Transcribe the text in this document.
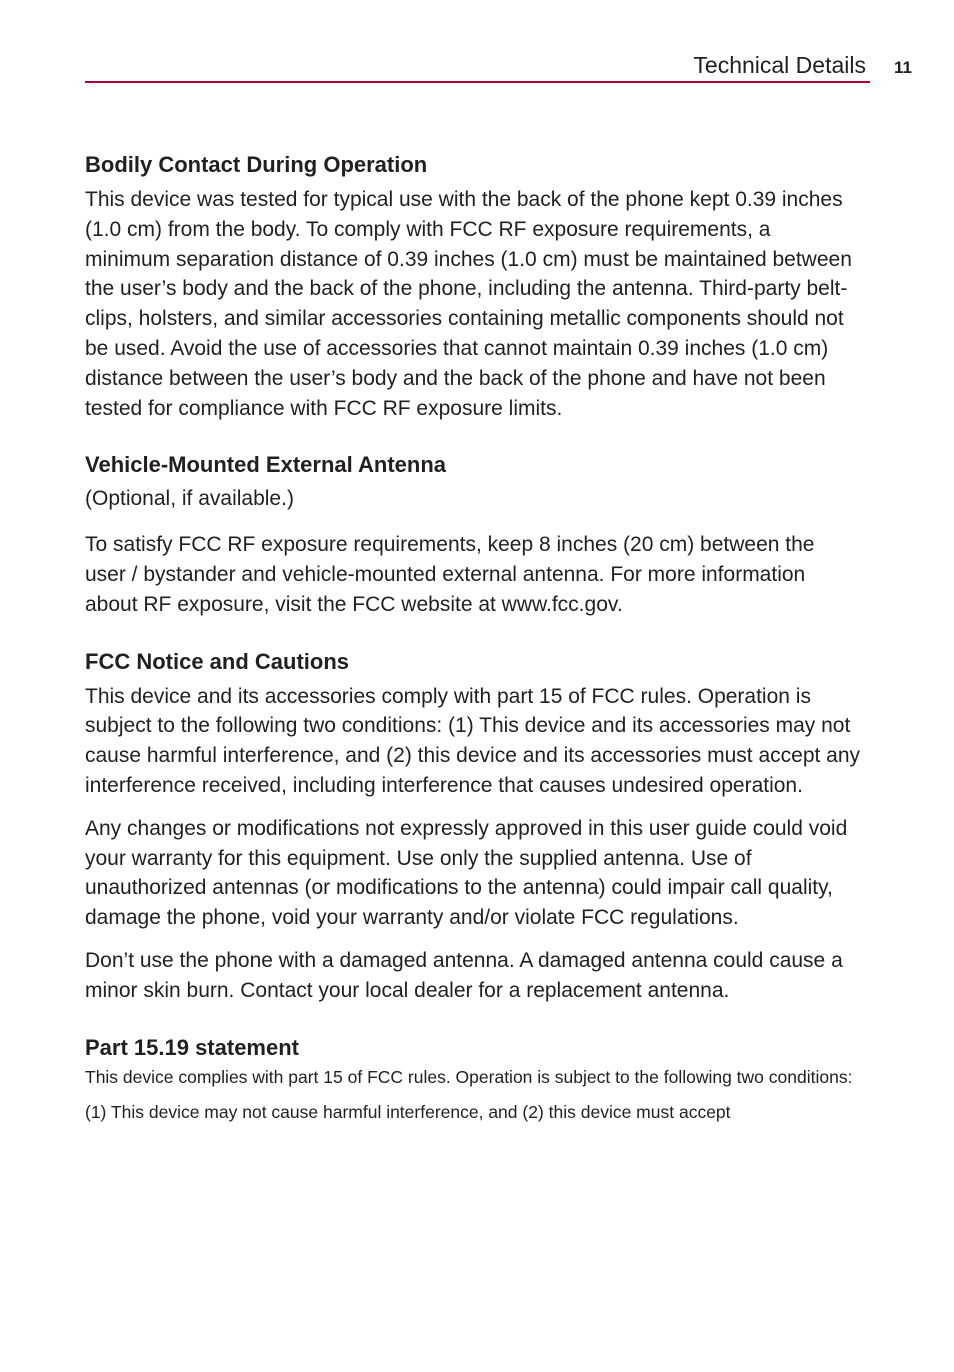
Technical Details 11
Bodily Contact During Operation

This device was tested for typical use with the back of the phone kept 0.39 inches (1.0 cm) from the body. To comply with FCC RF exposure requirements, a minimum separation distance of 0.39 inches (1.0 cm) must be maintained between the user’s body and the back of the phone, including the antenna. Third-party belt-clips, holsters, and similar accessories containing metallic components should not be used. Avoid the use of accessories that cannot maintain 0.39 inches (1.0 cm) distance between the user’s body and the back of the phone and have not been tested for compliance with FCC RF exposure limits.

Vehicle-Mounted External Antenna

(Optional, if available.)

To satisfy FCC RF exposure requirements, keep 8 inches (20 cm) between the user / bystander and vehicle-mounted external antenna. For more information about RF exposure, visit the FCC website at www.fcc.gov.

FCC Notice and Cautions

This device and its accessories comply with part 15 of FCC rules. Operation is subject to the following two conditions: (1) This device and its accessories may not cause harmful interference, and (2) this device and its accessories must accept any interference received, including interference that causes undesired operation.

Any changes or modifications not expressly approved in this user guide could void your warranty for this equipment. Use only the supplied antenna. Use of unauthorized antennas (or modifications to the antenna) could impair call quality, damage the phone, void your warranty and/or violate FCC regulations.

Don’t use the phone with a damaged antenna. A damaged antenna could cause a minor skin burn. Contact your local dealer for a replacement antenna.

Part 15.19 statement

This device complies with part 15 of FCC rules. Operation is subject to the following two conditions:

(1) This device may not cause harmful interference, and (2) this device must accept
